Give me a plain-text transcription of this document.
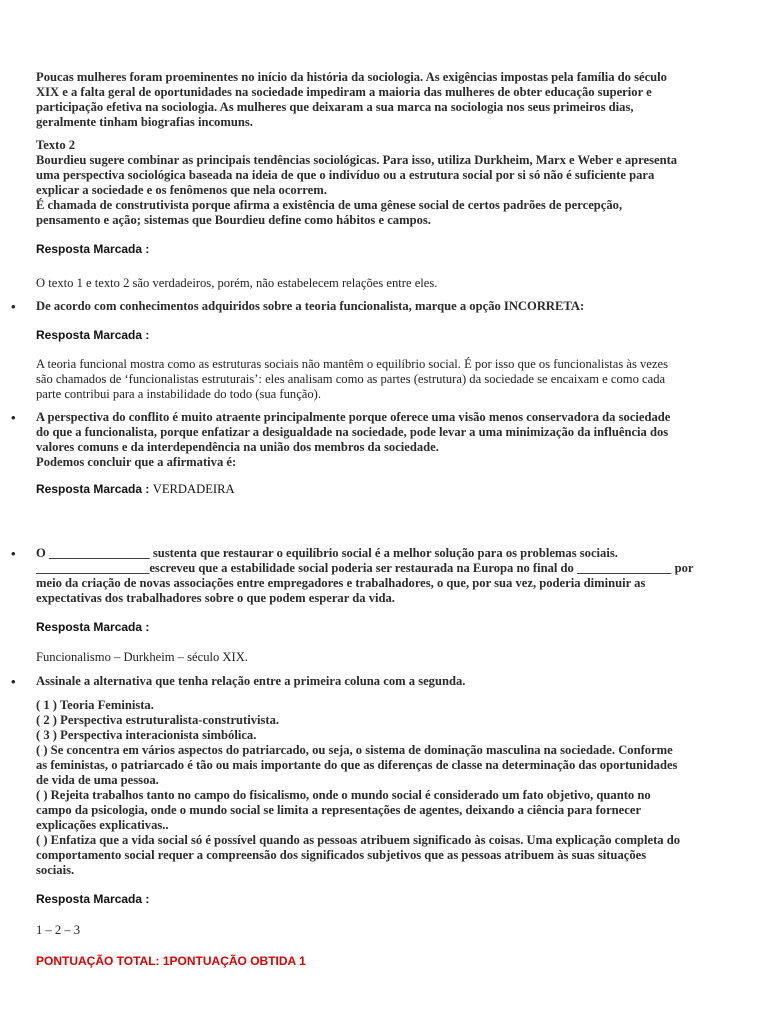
Poucas mulheres foram proeminentes no início da história da sociologia. As exigências impostas pela família do século
XIX e a falta geral de oportunidades na sociedade impediram a maioria das mulheres de obter educação superior e
participação efetiva na sociologia. As mulheres que deixaram a sua marca na sociologia nos seus primeiros dias,
geralmente tinham biografias incomuns.
Texto 2
Bourdieu sugere combinar as principais tendências sociológicas. Para isso, utiliza Durkheim, Marx e Weber e apresenta
uma perspectiva sociológica baseada na ideia de que o indivíduo ou a estrutura social por si só não é suficiente para
explicar a sociedade e os fenômenos que nela ocorrem.
É chamada de construtivista porque afirma a existência de uma gênese social de certos padrões de percepção,
pensamento e ação; sistemas que Bourdieu define como hábitos e campos.

Resposta Marcada :

O texto 1 e texto 2 são verdadeiros, porém, não estabelecem relações entre eles.

• De acordo com conhecimentos adquiridos sobre a teoria funcionalista, marque a opção INCORRETA:

Resposta Marcada :

A teoria funcional mostra como as estruturas sociais não mantêm o equilíbrio social. É por isso que os funcionalistas às vezes
são chamados de ‘funcionalistas estruturais’: eles analisam como as partes (estrutura) da sociedade se encaixam e como cada
parte contribui para a instabilidade do todo (sua função).
• A perspectiva do conflito é muito atraente principalmente porque oferece uma visão menos conservadora da sociedade
do que a funcionalista, porque enfatizar a desigualdade na sociedade, pode levar a uma minimização da influência dos
valores comuns e da interdependência na união dos membros da sociedade.
Podemos concluir que a afirmativa é:

Resposta Marcada : VERDADEIRA

• O ________________ sustenta que restaurar o equilíbrio social é a melhor solução para os problemas sociais.
__________________escreveu que a estabilidade social poderia ser restaurada na Europa no final do _______________ por
meio da criação de novas associações entre empregadores e trabalhadores, o que, por sua vez, poderia diminuir as
expectativas dos trabalhadores sobre o que podem esperar da vida.

Resposta Marcada :

Funcionalismo – Durkheim – século XIX.

• Assinale a alternativa que tenha relação entre a primeira coluna com a segunda.
( 1 ) Teoria Feminista.
( 2 ) Perspectiva estruturalista-construtivista.
( 3 ) Perspectiva interacionista simbólica.
( ) Se concentra em vários aspectos do patriarcado, ou seja, o sistema de dominação masculina na sociedade. Conforme
as feministas, o patriarcado é tão ou mais importante do que as diferenças de classe na determinação das oportunidades
de vida de uma pessoa.
( ) Rejeita trabalhos tanto no campo do fisicalismo, onde o mundo social é considerado um fato objetivo, quanto no
campo da psicologia, onde o mundo social se limita a representações de agentes, deixando a ciência para fornecer
explicações explicativas..
( ) Enfatiza que a vida social só é possível quando as pessoas atribuem significado às coisas. Uma explicação completa do
comportamento social requer a compreensão dos significados subjetivos que as pessoas atribuem às suas situações
sociais.

Resposta Marcada :

1 – 2 – 3

PONTUAÇÃO TOTAL: 1PONTUAÇÃO OBTIDA 1
